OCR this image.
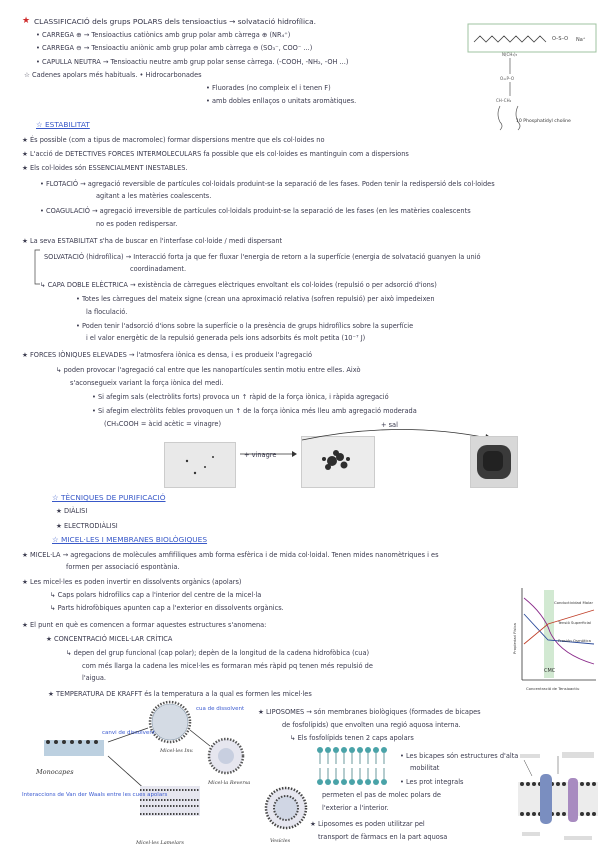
★ CLASSIFICACIÓ dels grups POLARS dels tensioactius → solvatació hidrofílica.
• CARREGA ⊕ → Tensioactius catiònics amb grup polar amb càrrega ⊕ (NR₄⁺)
• CARREGA ⊖ → Tensioactiu aniònic amb grup polar amb càrrega ⊖ (SO₃⁻, COO⁻ ...)
• CAPULLA NEUTRA → Tensioactiu neutre amb grup polar sense càrrega. (-COOH, -NH₂, -OH ...)
☆ Cadenes apolars més habituals. • Hidrocarbonades
• Fluorades (no compleix el i tenen F)
• amb dobles enllaços o unitats aromàtiques.
O–S–O Na⁺
N(CH₃)₃
O=P–O
CH–CH₂
10 Phosphatidyl choline
☆ ESTABILITAT
★ És possible (com a tipus de macromolec) formar dispersions mentre que els col·loides no
★ L'acció de DETECTIVES FORCES INTERMOLECULARS fa possible que els col·loides es mantinguin com a dispersions
★ Els col·loides són ESSENCIALMENT INESTABLES.
• FLOTACIÓ → agregació reversible de partícules col·loidals produint-se la separació de les fases. Poden tenir la redispersió dels col·loides
agitant a les matèries coalescents.
• COAGULACIÓ → agregació irreversible de partícules col·loidals produint-se la separació de les fases (en les matèries coalescents
no es poden redispersar.
★ La seva ESTABILITAT s'ha de buscar en l'interfase col·loide / medi dispersant
SOLVATACIÓ (hidrofílica) → Interacció forta ja que fer fluxar l'energia de retorn a la superfície (energia de solvatació guanyen la unió
coordinadament.
↳ CAPA DOBLE ELÈCTRICA → existència de càrregues elèctriques envoltant els col·loides (repulsió o per adsorció d'ions)
• Totes les càrregues del mateix signe (crean una aproximació relativa (sofren repulsió) per això impedeixen
la floculació.
• Poden tenir l'adsorció d'ions sobre la superfície o la presència de grups hidrofílics sobre la superfície
i el valor energètic de la repulsió generada pels ions adsorbits és molt petita (10⁻⁷ J)
★ FORCES IÒNIQUES ELEVADES → l'atmosfera iònica es densa, i es produeix l'agregació
↳ poden provocar l'agregació cal entre que les nanopartícules sentin motiu entre elles. Això
s'aconsegueix variant la força iònica del medi.
• Si afegim sals (electròlits forts) provoca un ↑ ràpid de la força iònica, i ràpida agregació
• Si afegim electròlits febles provoquen un ↑ de la força iònica més lleu amb agregació moderada
(CH₃COOH = àcid acètic = vinagre)
+ vinagre
+ sal
☆ TÈCNIQUES DE PURIFICACIÓ
★ DIÀLISI
★ ELECTRODIÀLISI
☆ MICEL·LES I MEMBRANES BIOLÒGIQUES
★ MICEL·LA → agregacions de molècules amfifíliques amb forma esfèrica i de mida col·loidal. Tenen mides nanomètriques i es
formen per associació espontània.
★ Les micel·les es poden invertir en dissolvents orgànics (apolars)
↳ Caps polars hidrofílics cap a l'interior del centre de la micel·la
↳ Parts hidrofòbiques apunten cap a l'exterior en dissolvents orgànics.
★ El punt en què es comencen a formar aquestes estructures s'anomena:
★ CONCENTRACIÓ MICEL·LAR CRÍTICA
↳ depen del grup funcional (cap polar); depèn de la longitud de la cadena hidrofòbica (cua)
com més llarga la cadena les micel·les es formaran més ràpid pq tenen més repulsió de
l'aigua.
★ TEMPERATURA DE KRAFFT és la temperatura a la qual es formen les micel·les
CMC
Conductividad Molar
Tensió Superficial
Presión Osmótica
Concentració de Tensioactiu
Propiedad Física
Monocapes
Micel·les Inv.
Micel·la Reversa
Micel·les Lamelars
cua de dissolvent
canvi de dissolvent
Interaccions de Van der Waals entre les cues apolars
Vesícles
★ LIPOSOMES → són membranes biològiques (formades de bicapes
de fosfolípids) que envolten una regió aquosa interna.
↳ Els fosfolípids tenen 2 caps apolars
• Les bicapes són estructures d'alta
mobilitat
• Les prot integrals
permeten el pas de molec polars de
l'exterior a l'interior.
★ Liposomes es poden utilitzar pel
transport de fàrmacs en la part aquosa
